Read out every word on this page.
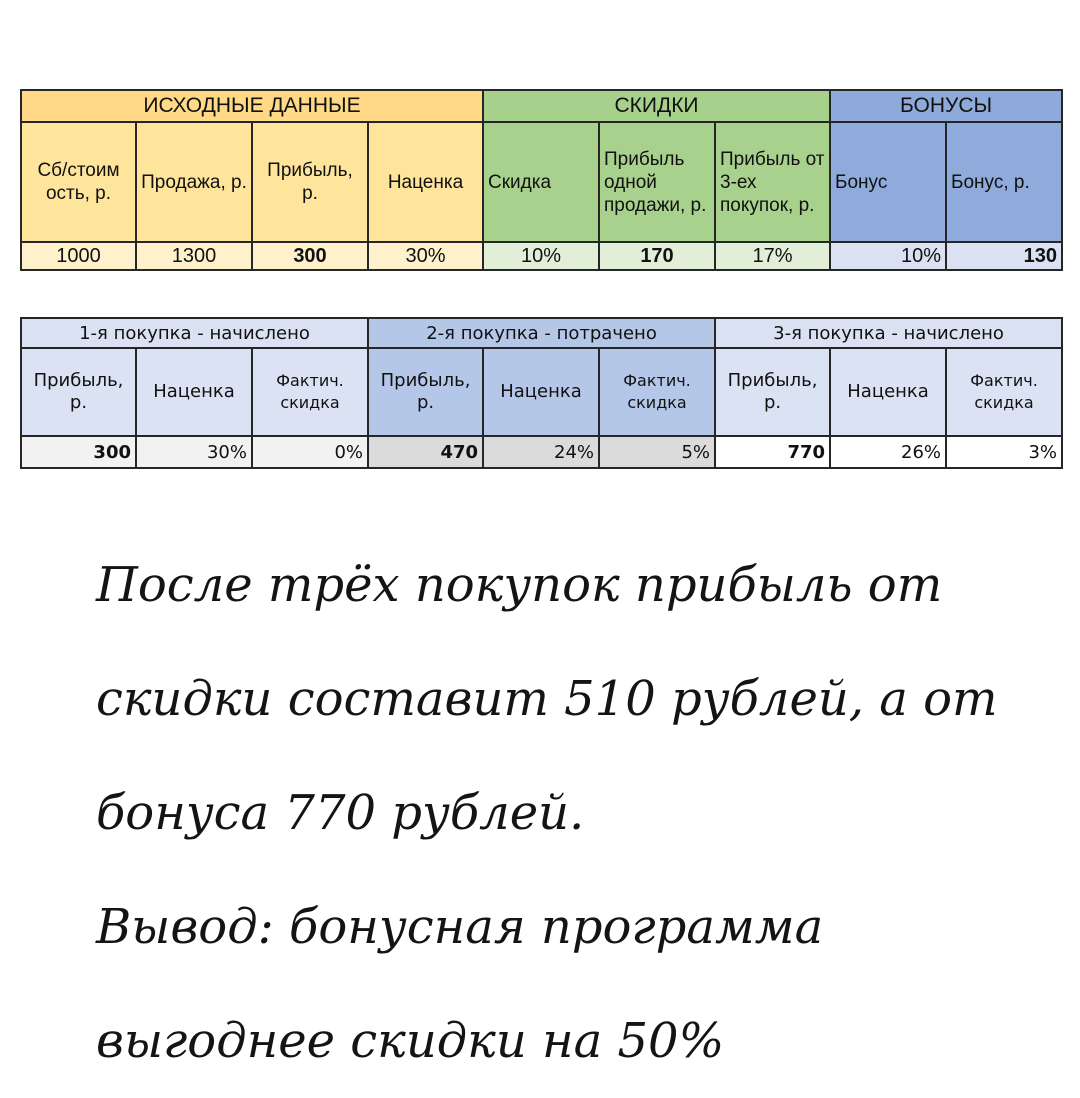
ИСХОДНЫЕ ДАННЫЕ				СКИДКИ			БОНУСЫ	
Сб/стоим ость, р.	Продажа, р.	Прибыль, р.	Наценка	Скидка	Прибыль одной продажи, р.	Прибыль от 3-ех покупок, р.	Бонус	Бонус, р.
1000	1300	300	30%	10%	170	17%	10%	130
1-я покупка - начислено			2-я покупка - потрачено			3-я покупка - начислено		
Прибыль, р.	Наценка	Фактич. скидка	Прибыль, р.	Наценка	Фактич. скидка	Прибыль, р.	Наценка	Фактич. скидка
300	30%	0%	470	24%	5%	770	26%	3%

После трёх покупок прибыль от
скидки составит 510 рублей, а от
бонуса 770 рублей.
Вывод: бонусная программа
выгоднее скидки на 50%
